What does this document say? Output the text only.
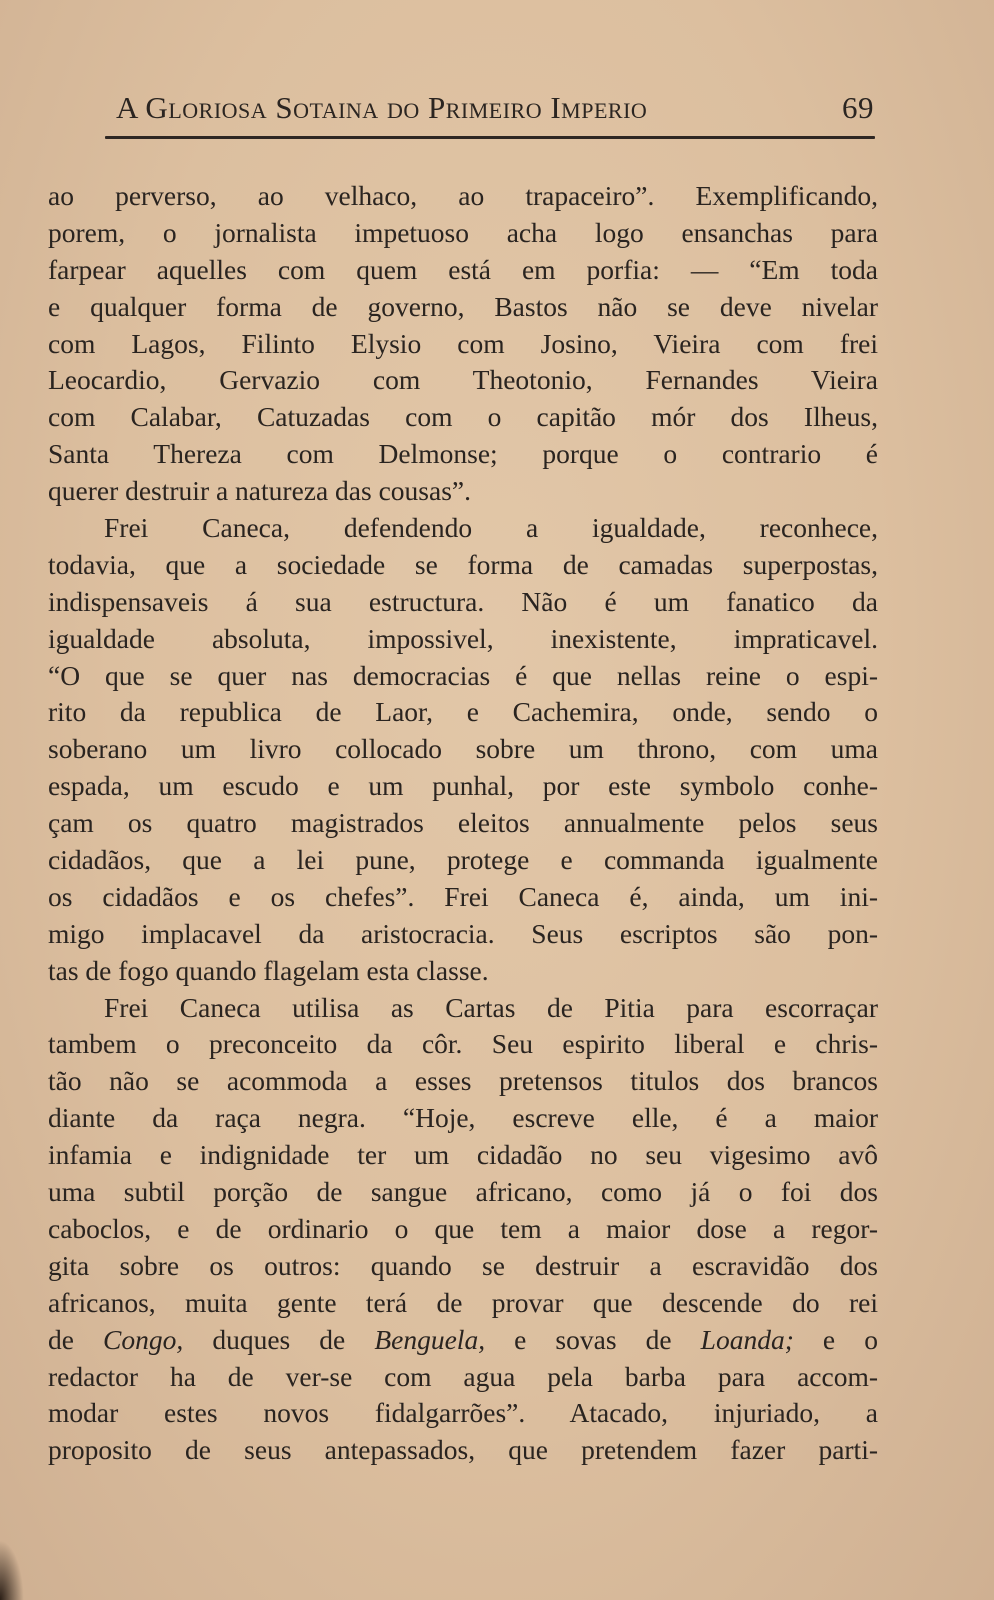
A Gloriosa Sotaina do Primeiro Imperio	69
ao perverso, ao velhaco, ao trapaceiro”. Exemplificando,
porem, o jornalista impetuoso acha logo ensanchas para
farpear aquelles com quem está em porfia: — “Em toda
e qualquer forma de governo, Bastos não se deve nivelar
com Lagos, Filinto Elysio com Josino, Vieira com frei
Leocardio, Gervazio com Theotonio, Fernandes Vieira
com Calabar, Catuzadas com o capitão mór dos Ilheus,
Santa Thereza com Delmonse; porque o contrario é
querer destruir a natureza das cousas”.
Frei Caneca, defendendo a igualdade, reconhece,
todavia, que a sociedade se forma de camadas superpostas,
indispensaveis á sua estructura. Não é um fanatico da
igualdade absoluta, impossivel, inexistente, impraticavel.
“O que se quer nas democracias é que nellas reine o espi-
rito da republica de Laor, e Cachemira, onde, sendo o
soberano um livro collocado sobre um throno, com uma
espada, um escudo e um punhal, por este symbolo conhe-
çam os quatro magistrados eleitos annualmente pelos seus
cidadãos, que a lei pune, protege e commanda igualmente
os cidadãos e os chefes”. Frei Caneca é, ainda, um ini-
migo implacavel da aristocracia. Seus escriptos são pon-
tas de fogo quando flagelam esta classe.
Frei Caneca utilisa as Cartas de Pitia para escorraçar
tambem o preconceito da côr. Seu espirito liberal e chris-
tão não se acommoda a esses pretensos titulos dos brancos
diante da raça negra. “Hoje, escreve elle, é a maior
infamia e indignidade ter um cidadão no seu vigesimo avô
uma subtil porção de sangue africano, como já o foi dos
caboclos, e de ordinario o que tem a maior dose a regor-
gita sobre os outros: quando se destruir a escravidão dos
africanos, muita gente terá de provar que descende do rei
de Congo, duques de Benguela, e sovas de Loanda; e o
redactor ha de ver-se com agua pela barba para accom-
modar estes novos fidalgarrões”. Atacado, injuriado, a
proposito de seus antepassados, que pretendem fazer parti-
